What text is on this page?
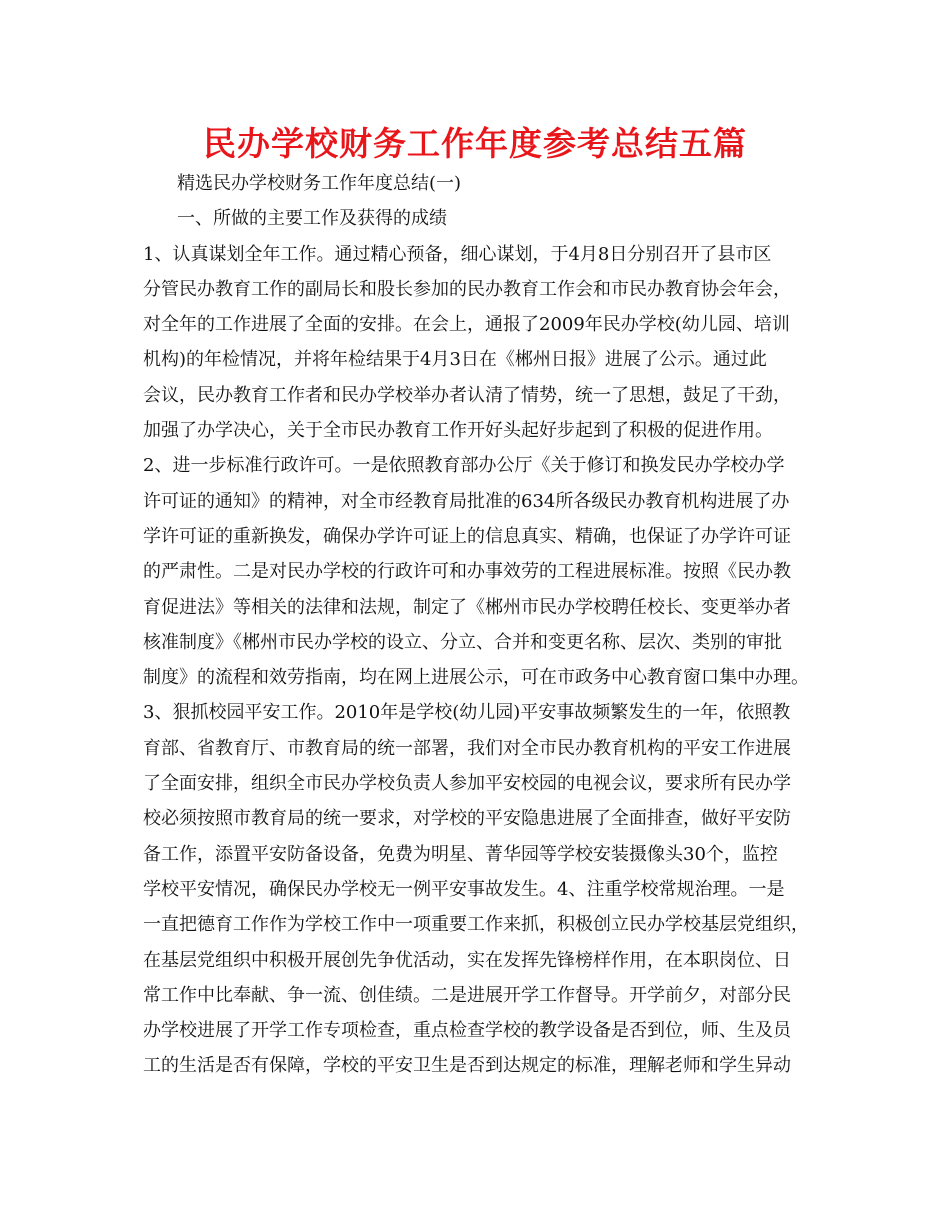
民办学校财务工作年度参考总结五篇

精选民办学校财务工作年度总结(一)

一、所做的主要工作及获得的成绩

1、认真谋划全年工作。通过精心预备，细心谋划，于4月8日分别召开了县市区

分管民办教育工作的副局长和股长参加的民办教育工作会和市民办教育协会年会，

对全年的工作进展了全面的安排。在会上，通报了2009年民办学校(幼儿园、培训

机构)的年检情况，并将年检结果于4月3日在《郴州日报》进展了公示。通过此

会议，民办教育工作者和民办学校举办者认清了情势，统一了思想，鼓足了干劲，

加强了办学决心，关于全市民办教育工作开好头起好步起到了积极的促进作用。

2、进一步标准行政许可。一是依照教育部办公厅《关于修订和换发民办学校办学

许可证的通知》的精神，对全市经教育局批准的634所各级民办教育机构进展了办

学许可证的重新换发，确保办学许可证上的信息真实、精确，也保证了办学许可证

的严肃性。二是对民办学校的行政许可和办事效劳的工程进展标准。按照《民办教

育促进法》等相关的法律和法规，制定了《郴州市民办学校聘任校长、变更举办者

核准制度》《郴州市民办学校的设立、分立、合并和变更名称、层次、类别的审批

制度》的流程和效劳指南，均在网上进展公示，可在市政务中心教育窗口集中办理。

3、狠抓校园平安工作。2010年是学校(幼儿园)平安事故频繁发生的一年，依照教

育部、省教育厅、市教育局的统一部署，我们对全市民办教育机构的平安工作进展

了全面安排，组织全市民办学校负责人参加平安校园的电视会议，要求所有民办学

校必须按照市教育局的统一要求，对学校的平安隐患进展了全面排查，做好平安防

备工作，添置平安防备设备，免费为明星、菁华园等学校安装摄像头30个，监控

学校平安情况，确保民办学校无一例平安事故发生。4、注重学校常规治理。一是

一直把德育工作作为学校工作中一项重要工作来抓，积极创立民办学校基层党组织，

在基层党组织中积极开展创先争优活动，实在发挥先锋榜样作用，在本职岗位、日

常工作中比奉献、争一流、创佳绩。二是进展开学工作督导。开学前夕，对部分民

办学校进展了开学工作专项检查，重点检查学校的教学设备是否到位，师、生及员

工的生活是否有保障，学校的平安卫生是否到达规定的标准，理解老师和学生异动
